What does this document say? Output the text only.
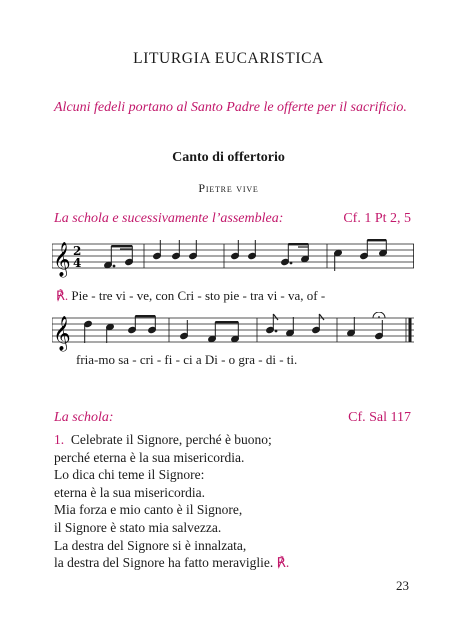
LITURGIA EUCARISTICA
Alcuni fedeli portano al Santo Padre le offerte per il sacrificio.
Canto di offertorio
Pietre vive
La schola e sucessivamente l’assemblea:	Cf. 1 Pt 2, 5
𝄞 2
4
℟. Pie - tre vi - ve, con Cri - sto pie - tra vi - va, of -
𝄞
fria-mo sa - cri - fi - ci a Di - o gra - di - ti.
La schola:	Cf. Sal 117
1. Celebrate il Signore, perché è buono;
perché eterna è la sua misericordia.
Lo dica chi teme il Signore:
eterna è la sua misericordia.
Mia forza e mio canto è il Signore,
il Signore è stato mia salvezza.
La destra del Signore si è innalzata,
la destra del Signore ha fatto meraviglie. ℟.
23
